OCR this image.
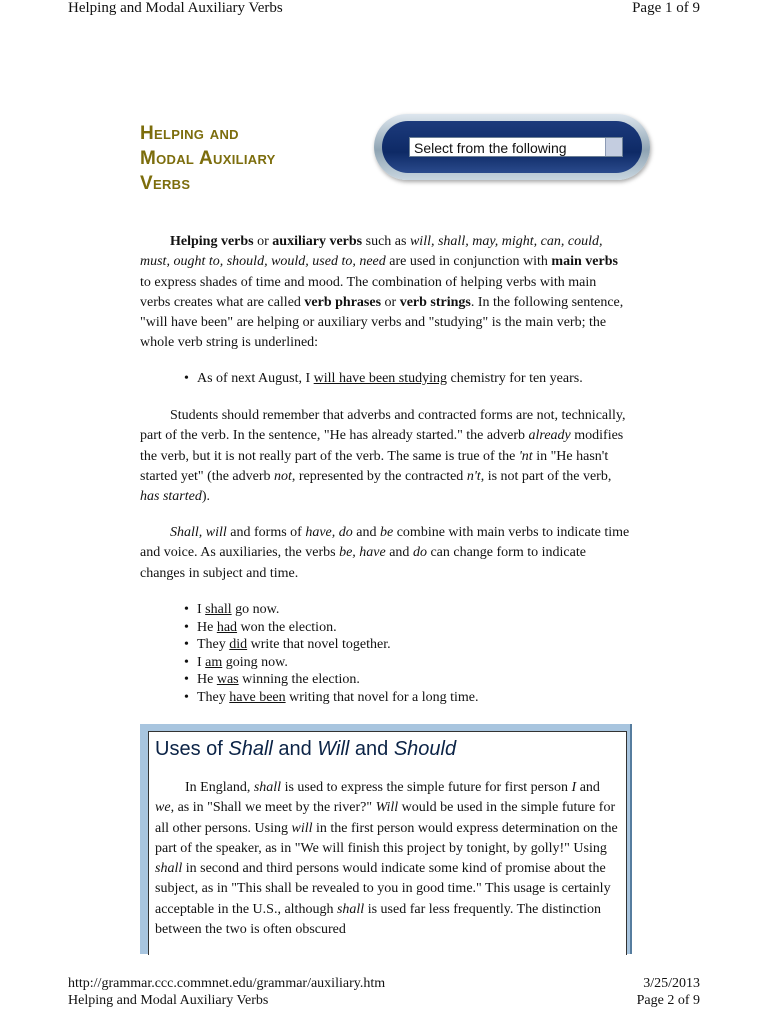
Helping and Modal Auxiliary Verbs	Page 1 of 9
Helping and
Modal Auxiliary
Verbs
Select from the following

Helping verbs or auxiliary verbs such as will, shall, may, might, can, could, must, ought to, should, would, used to, need are used in conjunction with main verbs to express shades of time and mood. The combination of helping verbs with main verbs creates what are called verb phrases or verb strings. In the following sentence, "will have been" are helping or auxiliary verbs and "studying" is the main verb; the whole verb string is underlined:

• As of next August, I will have been studying chemistry for ten years.

Students should remember that adverbs and contracted forms are not, technically, part of the verb. In the sentence, "He has already started." the adverb already modifies the verb, but it is not really part of the verb. The same is true of the 'nt in "He hasn't started yet" (the adverb not, represented by the contracted n't, is not part of the verb, has started).

Shall, will and forms of have, do and be combine with main verbs to indicate time and voice. As auxiliaries, the verbs be, have and do can change form to indicate changes in subject and time.

• I shall go now.
• He had won the election.
• They did write that novel together.
• I am going now.
• He was winning the election.
• They have been writing that novel for a long time.
Uses of Shall and Will and Should

In England, shall is used to express the simple future for first person I and we, as in "Shall we meet by the river?" Will would be used in the simple future for all other persons. Using will in the first person would express determination on the part of the speaker, as in "We will finish this project by tonight, by golly!" Using shall in second and third persons would indicate some kind of promise about the subject, as in "This shall be revealed to you in good time." This usage is certainly acceptable in the U.S., although shall is used far less frequently. The distinction between the two is often obscured

http://grammar.ccc.commnet.edu/grammar/auxiliary.htm	3/25/2013
Helping and Modal Auxiliary Verbs	Page 2 of 9
